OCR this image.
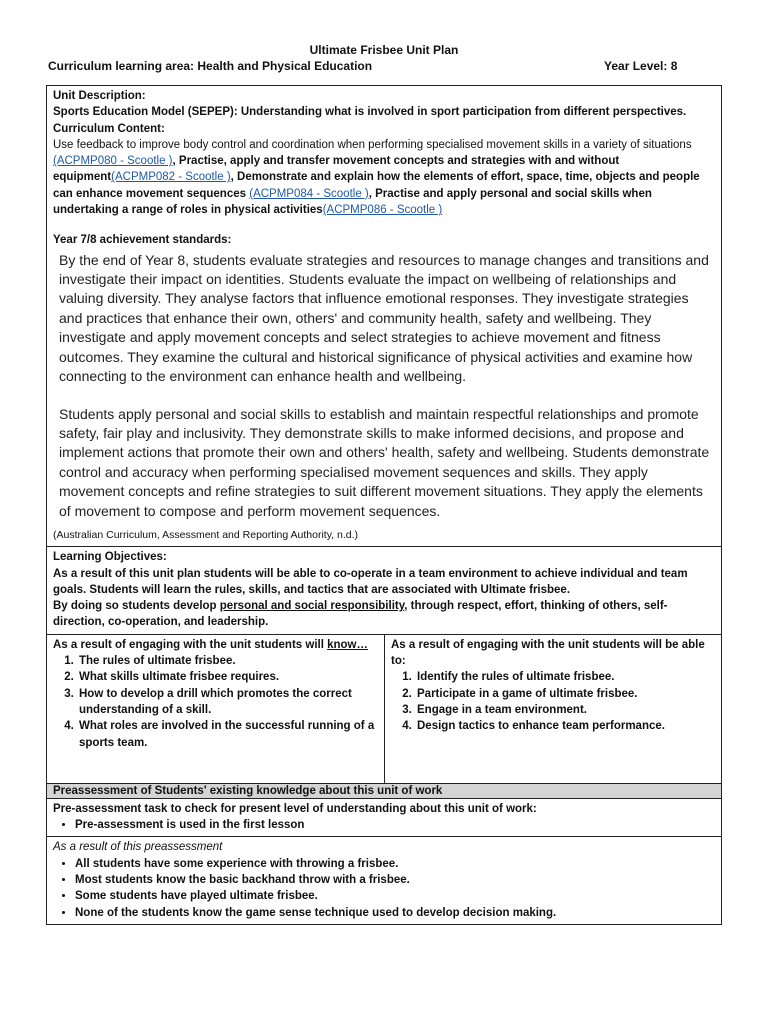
Ultimate Frisbee Unit Plan
Curriculum learning area: Health and Physical Education	Year Level: 8
Unit Description:
Sports Education Model (SEPEP): Understanding what is involved in sport participation from different perspectives.
Curriculum Content:
Use feedback to improve body control and coordination when performing specialised movement skills in a variety of situations (ACPMP080 - Scootle ), Practise, apply and transfer movement concepts and strategies with and without equipment(ACPMP082 - Scootle ), Demonstrate and explain how the elements of effort, space, time, objects and people can enhance movement sequences (ACPMP084 - Scootle ), Practise and apply personal and social skills when undertaking a range of roles in physical activities(ACPMP086 - Scootle )
Year 7/8 achievement standards:

By the end of Year 8, students evaluate strategies and resources to manage changes and transitions and investigate their impact on identities. Students evaluate the impact on wellbeing of relationships and valuing diversity. They analyse factors that influence emotional responses. They investigate strategies and practices that enhance their own, others' and community health, safety and wellbeing. They investigate and apply movement concepts and select strategies to achieve movement and fitness outcomes. They examine the cultural and historical significance of physical activities and examine how connecting to the environment can enhance health and wellbeing.

Students apply personal and social skills to establish and maintain respectful relationships and promote safety, fair play and inclusivity. They demonstrate skills to make informed decisions, and propose and implement actions that promote their own and others' health, safety and wellbeing. Students demonstrate control and accuracy when performing specialised movement sequences and skills. They apply movement concepts and refine strategies to suit different movement situations. They apply the elements of movement to compose and perform movement sequences.

(Australian Curriculum, Assessment and Reporting Authority, n.d.)
Learning Objectives:
As a result of this unit plan students will be able to co-operate in a team environment to achieve individual and team goals. Students will learn the rules, skills, and tactics that are associated with Ultimate frisbee.
By doing so students develop personal and social responsibility, through respect, effort, thinking of others, self-direction, co-operation, and leadership.
As a result of engaging with the unit students will know…
1. The rules of ultimate frisbee.
2. What skills ultimate frisbee requires.
3. How to develop a drill which promotes the correct understanding of a skill.
4. What roles are involved in the successful running of a sports team.
As a result of engaging with the unit students will be able to:
1. Identify the rules of ultimate frisbee.
2. Participate in a game of ultimate frisbee.
3. Engage in a team environment.
4. Design tactics to enhance team performance.
Preassessment of Students' existing knowledge about this unit of work
Pre-assessment task to check for present level of understanding about this unit of work:
• Pre-assessment is used in the first lesson
As a result of this preassessment
• All students have some experience with throwing a frisbee.
• Most students know the basic backhand throw with a frisbee.
• Some students have played ultimate frisbee.
• None of the students know the game sense technique used to develop decision making.
